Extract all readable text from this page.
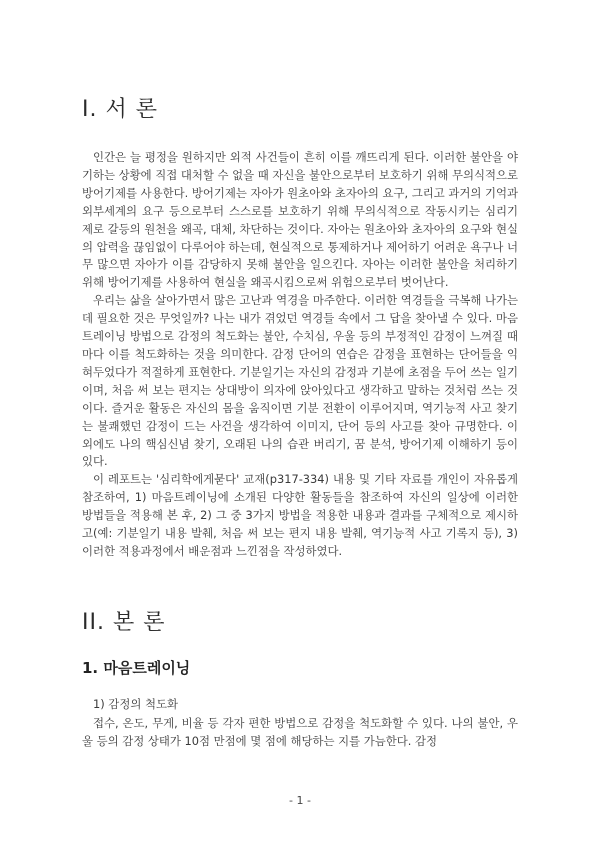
I. 서 론

인간은 늘 평정을 원하지만 외적 사건들이 흔히 이를 깨뜨리게 된다. 이러한 불안을 야기하는 상황에 직접 대처할 수 없을 때 자신을 불안으로부터 보호하기 위해 무의식적으로 방어기제를 사용한다. 방어기제는 자아가 원초아와 초자아의 요구, 그리고 과거의 기억과 외부세계의 요구 등으로부터 스스로를 보호하기 위해 무의식적으로 작동시키는 심리기제로 갈등의 원천을 왜곡, 대체, 차단하는 것이다. 자아는 원초아와 초자아의 요구와 현실의 압력을 끊임없이 다루어야 하는데, 현실적으로 통제하거나 제어하기 어려운 욕구나 너무 많으면 자아가 이를 감당하지 못해 불안을 일으킨다. 자아는 이러한 불안을 처리하기 위해 방어기제를 사용하여 현실을 왜곡시킴으로써 위험으로부터 벗어난다.

우리는 삶을 살아가면서 많은 고난과 역경을 마주한다. 이러한 역경들을 극복해 나가는 데 필요한 것은 무엇일까? 나는 내가 겪었던 역경들 속에서 그 답을 찾아낼 수 있다. 마음트레이닝 방법으로 감정의 척도화는 불안, 수치심, 우울 등의 부정적인 감정이 느껴질 때마다 이를 척도화하는 것을 의미한다. 감정 단어의 연습은 감정을 표현하는 단어들을 익혀두었다가 적절하게 표현한다. 기분일기는 자신의 감정과 기분에 초점을 두어 쓰는 일기이며, 처음 써 보는 편지는 상대방이 의자에 앉아있다고 생각하고 말하는 것처럼 쓰는 것이다. 즐거운 활동은 자신의 몸을 움직이면 기분 전환이 이루어지며, 역기능적 사고 찾기는 불쾌했던 감정이 드는 사건을 생각하여 이미지, 단어 등의 사고를 찾아 규명한다. 이 외에도 나의 핵심신념 찾기, 오래된 나의 습관 버리기, 꿈 분석, 방어기제 이해하기 등이 있다.

이 레포트는 '심리학에게묻다' 교재(p317-334) 내용 및 기타 자료를 개인이 자유롭게 참조하여, 1) 마음트레이닝에 소개된 다양한 활동들을 참조하여 자신의 일상에 이러한 방법들을 적용해 본 후, 2) 그 중 3가지 방법을 적용한 내용과 결과를 구체적으로 제시하고(예: 기분일기 내용 발췌, 처음 써 보는 편지 내용 발췌, 역기능적 사고 기록지 등), 3) 이러한 적용과정에서 배운점과 느낀점을 작성하였다.

II. 본 론
1. 마음트레이닝

1) 감정의 척도화

접수, 온도, 무게, 비율 등 각자 편한 방법으로 감정을 척도화할 수 있다. 나의 불안, 우울 등의 감정 상태가 10점 만점에 몇 점에 해당하는 지를 가늠한다. 감정

- 1 -
